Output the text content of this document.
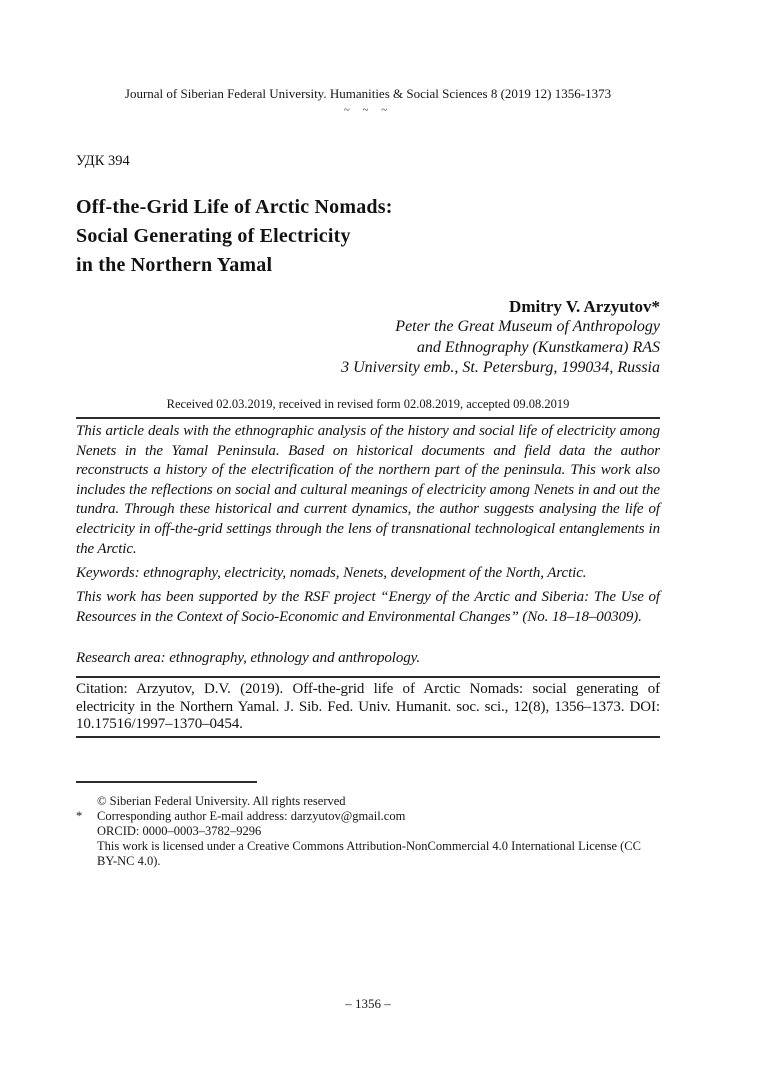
Journal of Siberian Federal University. Humanities & Social Sciences 8 (2019 12) 1356-1373
~ ~ ~
УДК 394
Off-the-Grid Life of Arctic Nomads:
Social Generating of Electricity
in the Northern Yamal
Dmitry V. Arzyutov*
Peter the Great Museum of Anthropology
and Ethnography (Kunstkamera) RAS
3 University emb., St. Petersburg, 199034, Russia
Received 02.03.2019, received in revised form 02.08.2019, accepted 09.08.2019
This article deals with the ethnographic analysis of the history and social life of electricity among Nenets in the Yamal Peninsula. Based on historical documents and field data the author reconstructs a history of the electrification of the northern part of the peninsula. This work also includes the reflections on social and cultural meanings of electricity among Nenets in and out the tundra. Through these historical and current dynamics, the author suggests analysing the life of electricity in off-the-grid settings through the lens of transnational technological entanglements in the Arctic.
Keywords: ethnography, electricity, nomads, Nenets, development of the North, Arctic.
This work has been supported by the RSF project “Energy of the Arctic and Siberia: The Use of Resources in the Context of Socio-Economic and Environmental Changes” (No. 18–18–00309).
Research area: ethnography, ethnology and anthropology.
Citation: Arzyutov, D.V. (2019). Off-the-grid life of Arctic Nomads: social generating of electricity in the Northern Yamal. J. Sib. Fed. Univ. Humanit. soc. sci., 12(8), 1356–1373. DOI: 10.17516/1997–1370–0454.
© Siberian Federal University. All rights reserved
* Corresponding author E-mail address: darzyutov@gmail.com
ORCID: 0000–0003–3782–9296
This work is licensed under a Creative Commons Attribution-NonCommercial 4.0 International License (CC BY-NC 4.0).
– 1356 –
